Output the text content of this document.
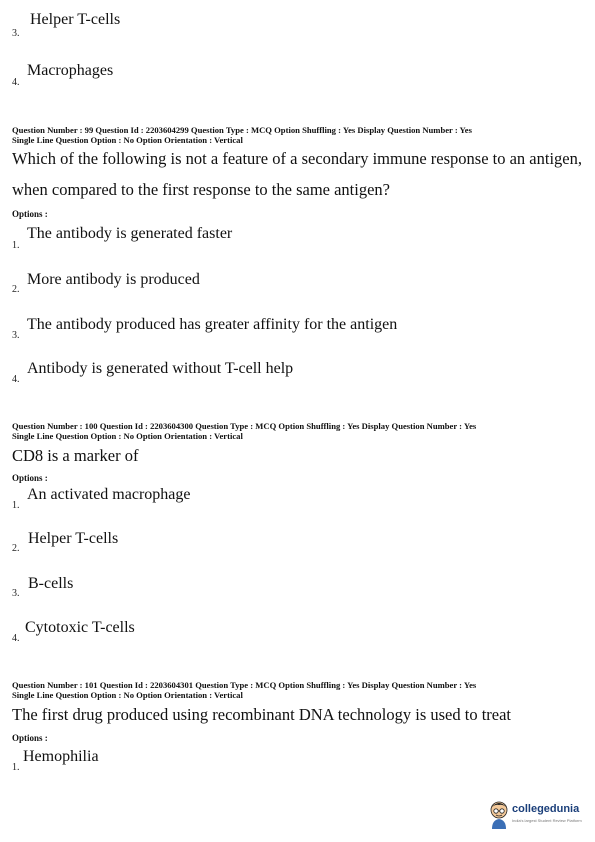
Helper T-cells
3.
Macrophages
4.
Question Number : 99 Question Id : 2203604299 Question Type : MCQ Option Shuffling : Yes Display Question Number : Yes
Single Line Question Option : No Option Orientation : Vertical
Which of the following is not a feature of a secondary immune response to an antigen,
when compared to the first response to the same antigen?
Options :
The antibody is generated faster
1.
More antibody is produced
2.
The antibody produced has greater affinity for the antigen
3.
Antibody is generated without T-cell help
4.
Question Number : 100 Question Id : 2203604300 Question Type : MCQ Option Shuffling : Yes Display Question Number : Yes
Single Line Question Option : No Option Orientation : Vertical
CD8 is a marker of
Options :
An activated macrophage
1.
Helper T-cells
2.
B-cells
3.
Cytotoxic T-cells
4.
Question Number : 101 Question Id : 2203604301 Question Type : MCQ Option Shuffling : Yes Display Question Number : Yes
Single Line Question Option : No Option Orientation : Vertical
The first drug produced using recombinant DNA technology is used to treat
Options :
Hemophilia
1.
collegedunia
India's largest Student Review Platform
